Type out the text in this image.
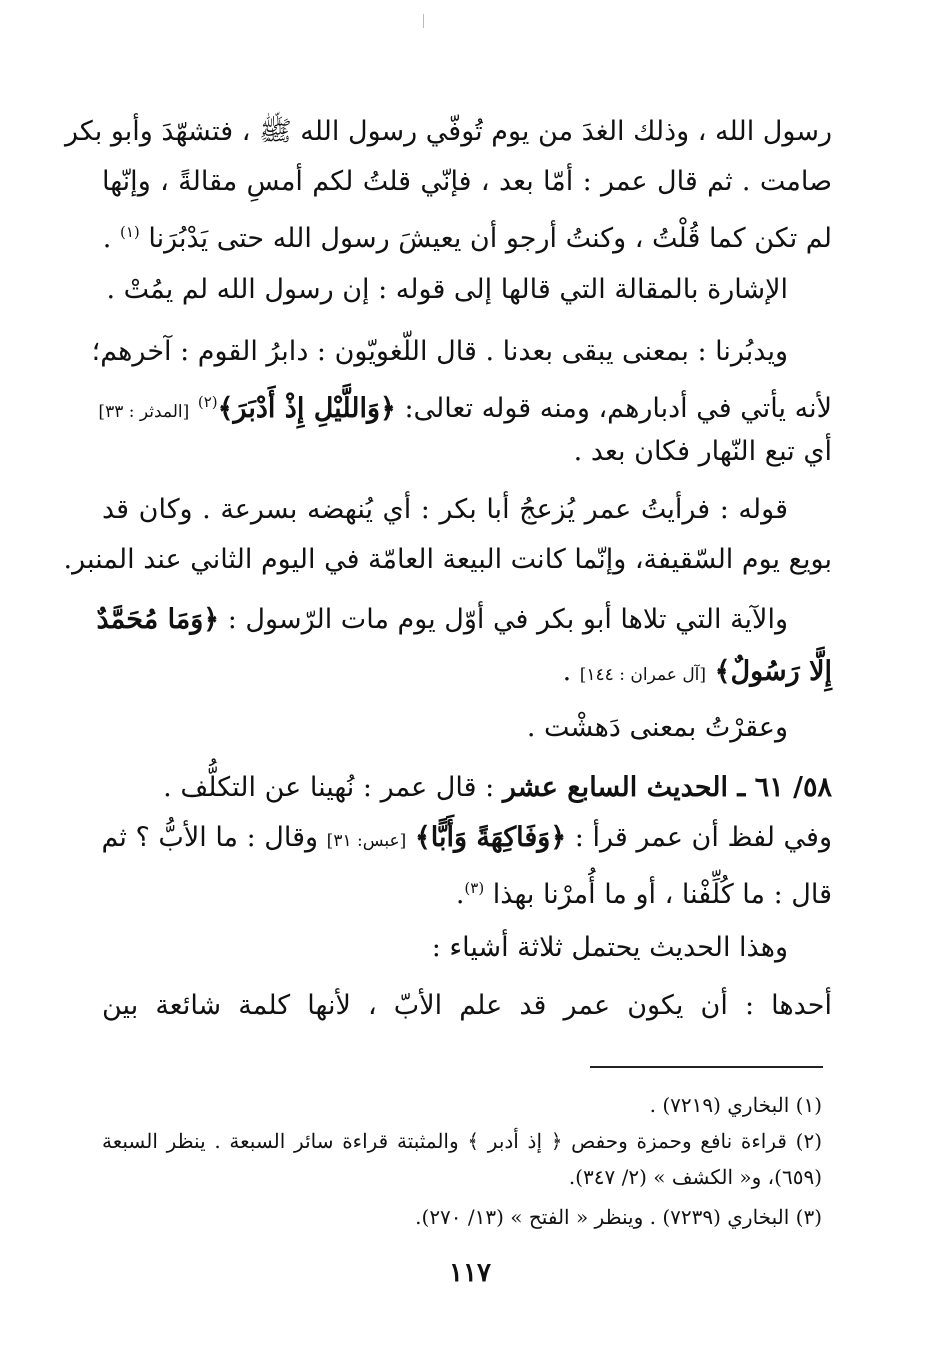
رسول الله ، وذلك الغدَ من يوم تُوفّي رسول الله ﷺ ، فتشهّدَ وأبو بكر
صامت . ثم قال عمر : أمّا بعد ، فإنّي قلتُ لكم أمسِ مقالةً ، وإنّها
لم تكن كما قُلْتُ ، وكنتُ أرجو أن يعيشَ رسول الله حتى يَدْبُرَنا $^{(١)}$ .
الإشارة بالمقالة التي قالها إلى قوله : إن رسول الله لم يمُتْ .
ويدبُرنا : بمعنى يبقى بعدنا . قال اللّغويّون : دابرُ القوم : آخرهم؛
لأنه يأتي في أدبارهم، ومنه قوله تعالى: ﴿وَاللَّيْلِ إِذْ أَدْبَرَ﴾$^{(٢)}$ [المدثر : ٣٣]
أي تبع النّهار فكان بعد .
قوله : فرأيتُ عمر يُزعجُ أبا بكر : أي يُنهضه بسرعة . وكان قد
بويع يوم السّقيفة، وإنّما كانت البيعة العامّة في اليوم الثاني عند المنبر.
والآية التي تلاها أبو بكر في أوّل يوم مات الرّسول : ﴿وَمَا مُحَمَّدٌ
إِلَّا رَسُولٌ﴾ [آل عمران : ١٤٤] .
وعقرْتُ بمعنى دَهشْت .
٥٨/ ٦١ ـ الحديث السابع عشر : قال عمر : نُهينا عن التكلُّف .
وفي لفظ أن عمر قرأ : ﴿وَفَاكِهَةً وَأَبًّا﴾ [عبس: ٣١] وقال : ما الأبُّ ؟ ثم
قال : ما كُلِّفْنا ، أو ما أُمرْنا بهذا $^{(٣)}$.
وهذا الحديث يحتمل ثلاثة أشياء :
أحدها : أن يكون عمر قد علم الأبّ ، لأنها كلمة شائعة بين
(١) البخاري (٧٢١٩) .
(٢) قراءة نافع وحمزة وحفص ﴿ إذ أدبر ﴾ والمثبتة قراءة سائر السبعة . ينظر السبعة
(٦٥٩)، و« الكشف » (٢/ ٣٤٧).
(٣) البخاري (٧٢٣٩) . وينظر « الفتح » (١٣/ ٢٧٠).
١١٧
